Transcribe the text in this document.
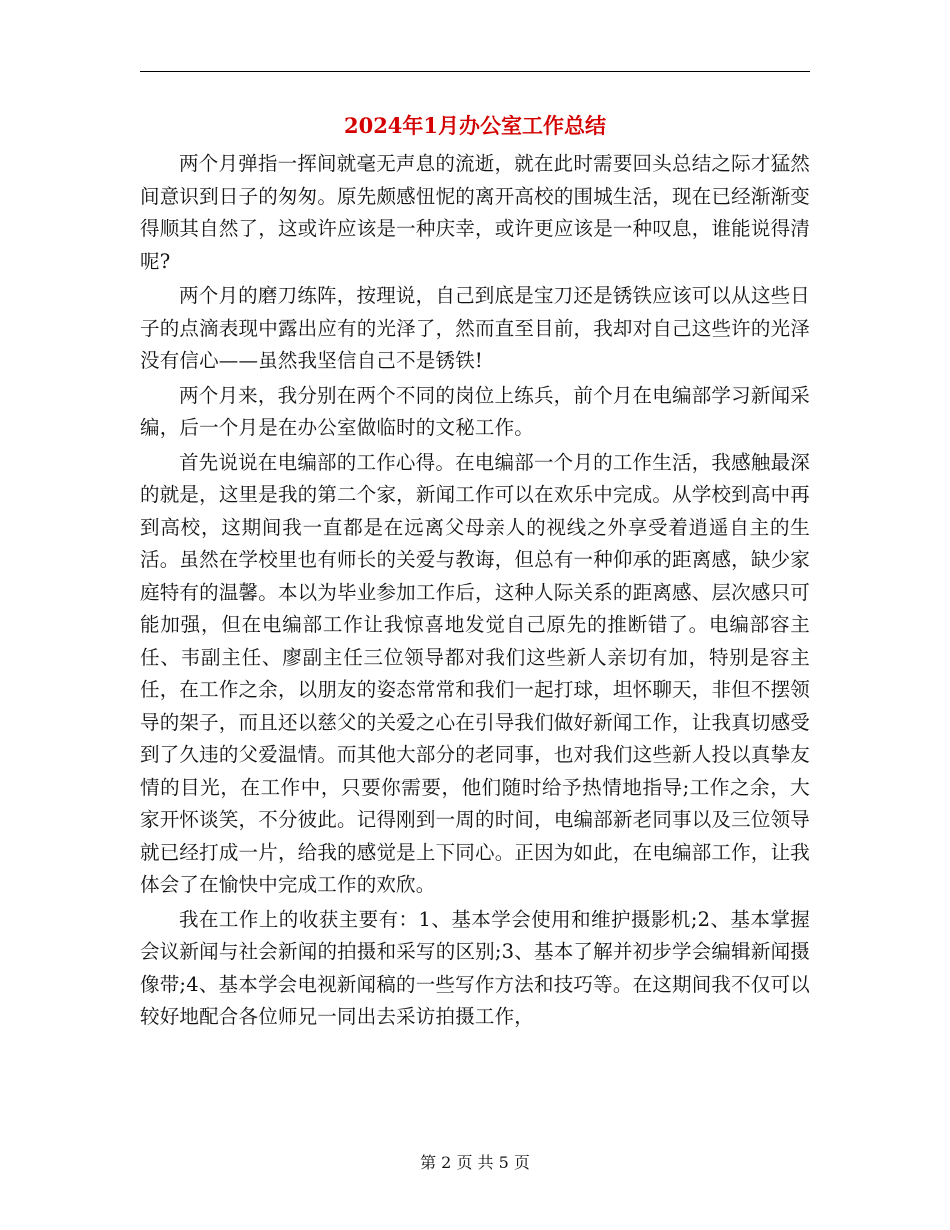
2024年1月办公室工作总结

两个月弹指一挥间就毫无声息的流逝，就在此时需要回头总结之际才猛然间意识到日子的匆匆。原先颇感忸怩的离开高校的围城生活，现在已经渐渐变得顺其自然了，这或许应该是一种庆幸，或许更应该是一种叹息，谁能说得清呢?

两个月的磨刀练阵，按理说，自己到底是宝刀还是锈铁应该可以从这些日子的点滴表现中露出应有的光泽了，然而直至目前，我却对自己这些许的光泽没有信心——虽然我坚信自己不是锈铁!

两个月来，我分别在两个不同的岗位上练兵，前个月在电编部学习新闻采编，后一个月是在办公室做临时的文秘工作。

首先说说在电编部的工作心得。在电编部一个月的工作生活，我感触最深的就是，这里是我的第二个家，新闻工作可以在欢乐中完成。从学校到高中再到高校，这期间我一直都是在远离父母亲人的视线之外享受着逍遥自主的生活。虽然在学校里也有师长的关爱与教诲，但总有一种仰承的距离感，缺少家庭特有的温馨。本以为毕业参加工作后，这种人际关系的距离感、层次感只可能加强，但在电编部工作让我惊喜地发觉自己原先的推断错了。电编部容主任、韦副主任、廖副主任三位领导都对我们这些新人亲切有加，特别是容主任，在工作之余，以朋友的姿态常常和我们一起打球，坦怀聊天，非但不摆领导的架子，而且还以慈父的关爱之心在引导我们做好新闻工作，让我真切感受到了久违的父爱温情。而其他大部分的老同事，也对我们这些新人投以真挚友情的目光，在工作中，只要你需要，他们随时给予热情地指导;工作之余，大家开怀谈笑，不分彼此。记得刚到一周的时间，电编部新老同事以及三位领导就已经打成一片，给我的感觉是上下同心。正因为如此，在电编部工作，让我体会了在愉快中完成工作的欢欣。

我在工作上的收获主要有：1、基本学会使用和维护摄影机;2、基本掌握会议新闻与社会新闻的拍摄和采写的区别;3、基本了解并初步学会编辑新闻摄像带;4、基本学会电视新闻稿的一些写作方法和技巧等。在这期间我不仅可以较好地配合各位师兄一同出去采访拍摄工作，

第 2 页 共 5 页
